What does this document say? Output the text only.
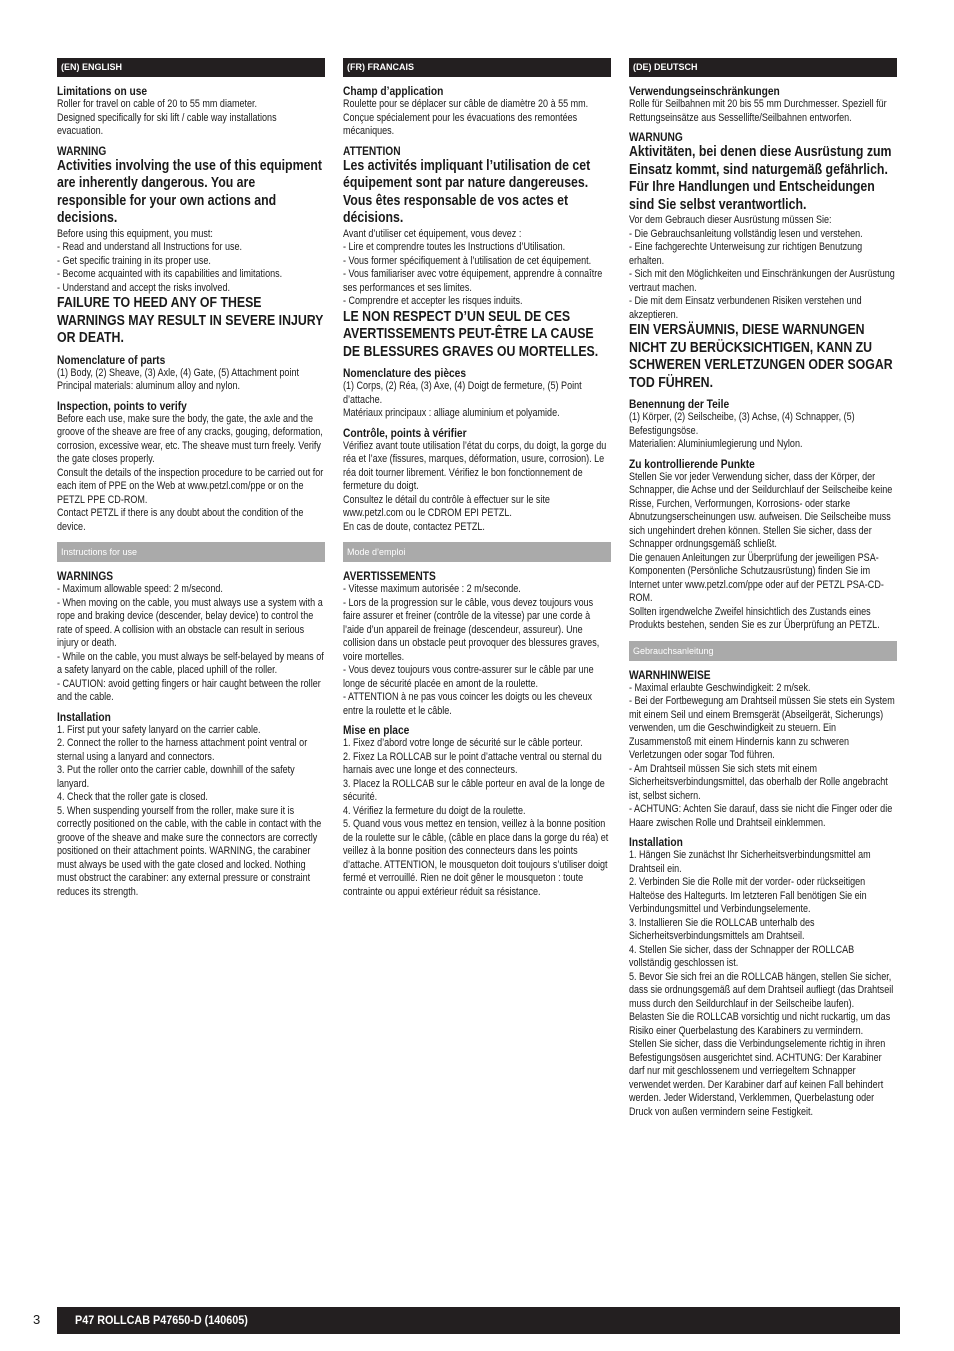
(EN) ENGLISH
Limitations on use
Roller for travel on cable of 20 to 55 mm diameter.
Designed specifically for ski lift / cable way installations evacuation.
WARNING
Activities involving the use of this equipment are inherently dangerous. You are responsible for your own actions and decisions.
Before using this equipment, you must:
- Read and understand all Instructions for use.
- Get specific training in its proper use.
- Become acquainted with its capabilities and limitations.
- Understand and accept the risks involved.
FAILURE TO HEED ANY OF THESE WARNINGS MAY RESULT IN SEVERE INJURY OR DEATH.
Nomenclature of parts
(1) Body, (2) Sheave, (3) Axle, (4) Gate, (5) Attachment point
Principal materials: aluminum alloy and nylon.
Inspection, points to verify
Before each use, make sure the body, the gate, the axle and the groove of the sheave are free of any cracks, gouging, deformation, corrosion, excessive wear, etc. The sheave must turn freely. Verify the gate closes properly.
Consult the details of the inspection procedure to be carried out for each item of PPE on the Web at www.petzl.com/ppe or on the PETZL PPE CD-ROM.
Contact PETZL if there is any doubt about the condition of the device.
Instructions for use
WARNINGS
- Maximum allowable speed: 2 m/second.
- When moving on the cable, you must always use a system with a rope and braking device (descender, belay device) to control the rate of speed. A collision with an obstacle can result in serious injury or death.
- While on the cable, you must always be self-belayed by means of a safety lanyard on the cable, placed uphill of the roller.
- CAUTION: avoid getting fingers or hair caught between the roller and the cable.
Installation
1. First put your safety lanyard on the carrier cable.
2. Connect the roller to the harness attachment point ventral or sternal using a lanyard and connectors.
3. Put the roller onto the carrier cable, downhill of the safety lanyard.
4. Check that the roller gate is closed.
5. When suspending yourself from the roller, make sure it is correctly positioned on the cable, with the cable in contact with the groove of the sheave and make sure the connectors are correctly positioned on their attachment points. WARNING, the carabiner must always be used with the gate closed and locked. Nothing must obstruct the carabiner: any external pressure or constraint reduces its strength.
(FR) FRANCAIS
Champ d’application
Roulette pour se déplacer sur câble de diamètre 20 à 55 mm. Conçue spécialement pour les évacuations des remontées mécaniques.
ATTENTION
Les activités impliquant l’utilisation de cet équipement sont par nature dangereuses. Vous êtes responsable de vos actes et décisions.
Avant d’utiliser cet équipement, vous devez :
- Lire et comprendre toutes les Instructions d’Utilisation.
- Vous former spécifiquement à l’utilisation de cet équipement.
- Vous familiariser avec votre équipement, apprendre à connaître ses performances et ses limites.
- Comprendre et accepter les risques induits.
LE NON RESPECT D’UN SEUL DE CES AVERTISSEMENTS PEUT-ÊTRE LA CAUSE DE BLESSURES GRAVES OU MORTELLES.
Nomenclature des pièces
(1) Corps, (2) Réa, (3) Axe, (4) Doigt de fermeture, (5) Point d’attache.
Matériaux principaux : alliage aluminium et polyamide.
Contrôle, points à vérifier
Vérifiez avant toute utilisation l’état du corps, du doigt, la gorge du réa et l’axe (fissures, marques, déformation, usure, corrosion). Le réa doit tourner librement. Vérifiez le bon fonctionnement de fermeture du doigt.
Consultez le détail du contrôle à effectuer sur le site www.petzl.com ou le CDROM EPI PETZL.
En cas de doute, contactez PETZL.
Mode d’emploi
AVERTISSEMENTS
- Vitesse maximum autorisée : 2 m/seconde.
- Lors de la progression sur le câble, vous devez toujours vous faire assurer et freiner (contrôle de la vitesse) par une corde à l’aide d’un appareil de freinage (descendeur, assureur). Une collision dans un obstacle peut provoquer des blessures graves, voire mortelles.
- Vous devez toujours vous contre-assurer sur le câble par une longe de sécurité placée en amont de la roulette.
- ATTENTION à ne pas vous coincer les doigts ou les cheveux entre la roulette et le câble.
Mise en place
1. Fixez d’abord votre longe de sécurité sur le câble porteur.
2. Fixez La ROLLCAB sur le point d’attache ventral ou sternal du harnais avec une longe et des connecteurs.
3. Placez la ROLLCAB sur le câble porteur en aval de la longe de sécurité.
4. Vérifiez la fermeture du doigt de la roulette.
5. Quand vous vous mettez en tension, veillez à la bonne position de la roulette sur le câble, (câble en place dans la gorge du réa) et veillez à la bonne position des connecteurs dans les points d’attache. ATTENTION, le mousqueton doit toujours s’utiliser doigt fermé et verrouillé. Rien ne doit gêner le mousqueton : toute contrainte ou appui extérieur réduit sa résistance.
(DE) DEUTSCH
Verwendungseinschränkungen
Rolle für Seilbahnen mit 20 bis 55 mm Durchmesser. Speziell für Rettungseinsätze aus Sessellifte/Seilbahnen entworfen.
WARNUNG
Aktivitäten, bei denen diese Ausrüstung zum Einsatz kommt, sind naturgemäß gefährlich. Für Ihre Handlungen und Entscheidungen sind Sie selbst verantwortlich.
Vor dem Gebrauch dieser Ausrüstung müssen Sie:
- Die Gebrauchsanleitung vollständig lesen und verstehen.
- Eine fachgerechte Unterweisung zur richtigen Benutzung erhalten.
- Sich mit den Möglichkeiten und Einschränkungen der Ausrüstung vertraut machen.
- Die mit dem Einsatz verbundenen Risiken verstehen und akzeptieren.
EIN VERSÄUMNIS, DIESE WARNUNGEN NICHT ZU BERÜCKSICHTIGEN, KANN ZU SCHWEREN VERLETZUNGEN ODER SOGAR TOD FÜHREN.
Benennung der Teile
(1) Körper, (2) Seilscheibe, (3) Achse, (4) Schnapper, (5) Befestigungsöse.
Materialien: Aluminiumlegierung und Nylon.
Zu kontrollierende Punkte
Stellen Sie vor jeder Verwendung sicher, dass der Körper, der Schnapper, die Achse und der Seildurchlauf der Seilscheibe keine Risse, Furchen, Verformungen, Korrosions- oder starke Abnutzungserscheinungen usw. aufweisen. Die Seilscheibe muss sich ungehindert drehen können. Stellen Sie sicher, dass der Schnapper ordnungsgemäß schließt.
Die genauen Anleitungen zur Überprüfung der jeweiligen PSA-Komponenten (Persönliche Schutzausrüstung) finden Sie im Internet unter www.petzl.com/ppe oder auf der PETZL PSA-CD-ROM.
Sollten irgendwelche Zweifel hinsichtlich des Zustands eines Produkts bestehen, senden Sie es zur Überprüfung an PETZL.
Gebrauchsanleitung
WARNHINWEISE
- Maximal erlaubte Geschwindigkeit: 2 m/sek.
- Bei der Fortbewegung am Drahtseil müssen Sie stets ein System mit einem Seil und einem Bremsgerät (Abseilgerät, Sicherungs) verwenden, um die Geschwindigkeit zu steuern. Ein Zusammenstoß mit einem Hindernis kann zu schweren Verletzungen oder sogar Tod führen.
- Am Drahtseil müssen Sie sich stets mit einem Sicherheitsverbindungsmittel, das oberhalb der Rolle angebracht ist, selbst sichern.
- ACHTUNG: Achten Sie darauf, dass sie nicht die Finger oder die Haare zwischen Rolle und Drahtseil einklemmen.
Installation
1. Hängen Sie zunächst Ihr Sicherheitsverbindungsmittel am Drahtseil ein.
2. Verbinden Sie die Rolle mit der vorder- oder rückseitigen Halteöse des Haltegurts. Im letzteren Fall benötigen Sie ein Verbindungsmittel und Verbindungselemente.
3. Installieren Sie die ROLLCAB unterhalb des Sicherheitsverbindungsmittels am Drahtseil.
4. Stellen Sie sicher, dass der Schnapper der ROLLCAB vollständig geschlossen ist.
5. Bevor Sie sich frei an die ROLLCAB hängen, stellen Sie sicher, dass sie ordnungsgemäß auf dem Drahtseil aufliegt (das Drahtseil muss durch den Seildurchlauf in der Seilscheibe laufen).
Belasten Sie die ROLLCAB vorsichtig und nicht ruckartig, um das Risiko einer Querbelastung des Karabiners zu vermindern.
Stellen Sie sicher, dass die Verbindungselemente richtig in ihren Befestigungsösen ausgerichtet sind. ACHTUNG: Der Karabiner darf nur mit geschlossenem und verriegeltem Schnapper verwendet werden. Der Karabiner darf auf keinen Fall behindert werden. Jeder Widerstand, Verklemmen, Querbelastung oder Druck von außen vermindern seine Festigkeit.
3	P47 ROLLCAB P47650-D (140605)
